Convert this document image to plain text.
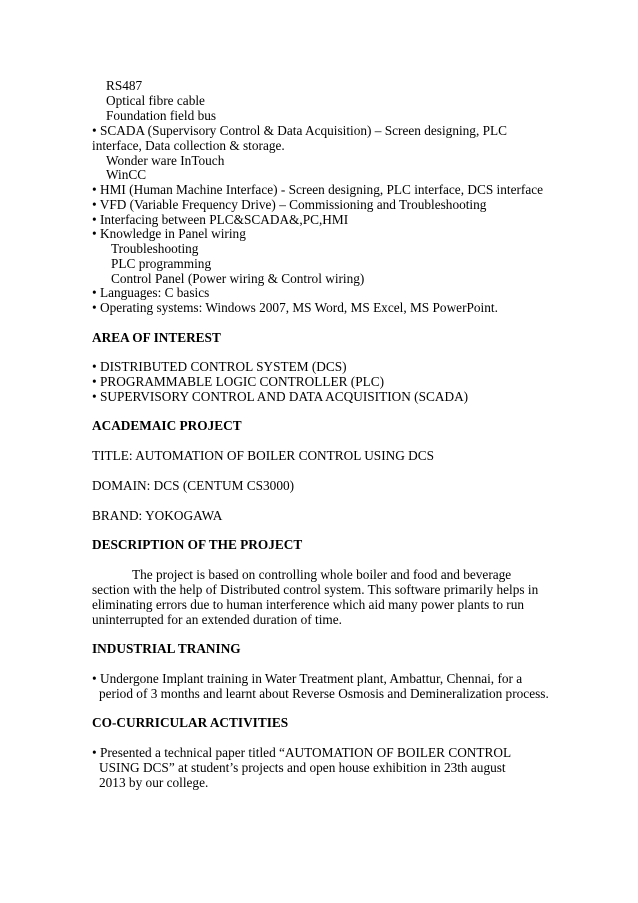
RS487
Optical fibre cable
Foundation field bus
• SCADA (Supervisory Control & Data Acquisition) – Screen designing, PLC
interface, Data collection & storage.
Wonder ware InTouch
WinCC
• HMI (Human Machine Interface) - Screen designing, PLC interface, DCS interface
• VFD (Variable Frequency Drive) – Commissioning and Troubleshooting
• Interfacing between PLC&SCADA&,PC,HMI
• Knowledge in Panel wiring
Troubleshooting
PLC programming
Control Panel (Power wiring & Control wiring)
• Languages: C basics
• Operating systems: Windows 2007, MS Word, MS Excel, MS PowerPoint.
AREA OF INTEREST
• DISTRIBUTED CONTROL SYSTEM (DCS)
• PROGRAMMABLE LOGIC CONTROLLER (PLC)
• SUPERVISORY CONTROL AND DATA ACQUISITION (SCADA)
ACADEMAIC PROJECT
TITLE: AUTOMATION OF BOILER CONTROL USING DCS
DOMAIN: DCS (CENTUM CS3000)
BRAND: YOKOGAWA
DESCRIPTION OF THE PROJECT
The project is based on controlling whole boiler and food and beverage
section with the help of Distributed control system. This software primarily helps in
eliminating errors due to human interference which aid many power plants to run
uninterrupted for an extended duration of time.
INDUSTRIAL TRANING
• Undergone Implant training in Water Treatment plant, Ambattur, Chennai, for a
period of 3 months and learnt about Reverse Osmosis and Demineralization process.
CO-CURRICULAR ACTIVITIES
• Presented a technical paper titled “AUTOMATION OF BOILER CONTROL
USING DCS” at student’s projects and open house exhibition in 23th august
2013 by our college.
